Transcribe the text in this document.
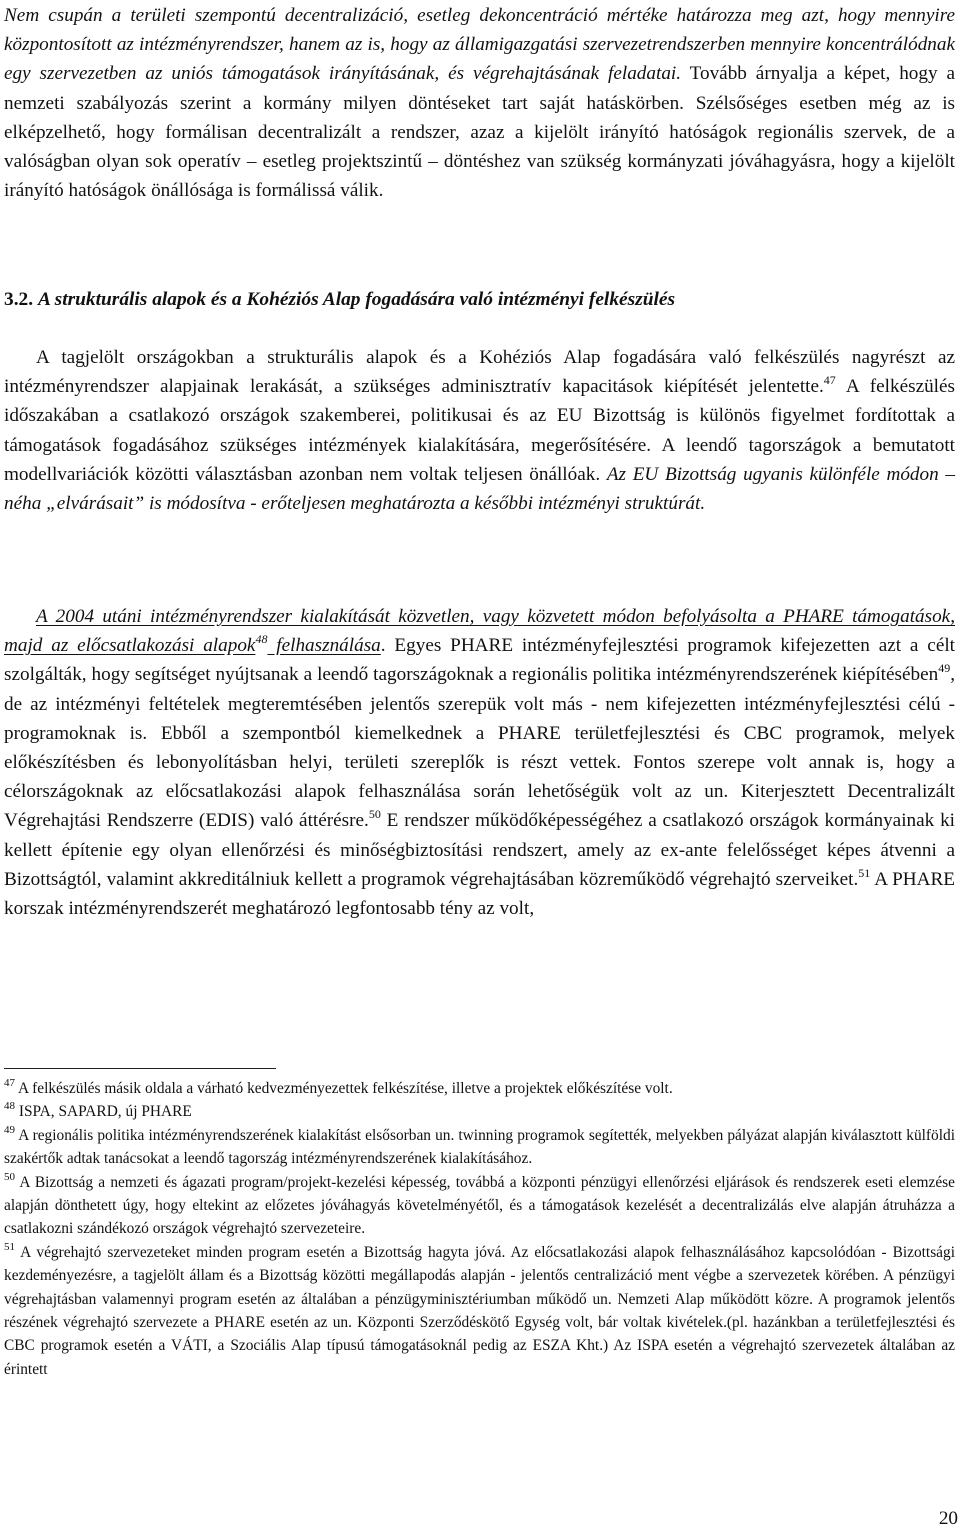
Nem csupán a területi szempontú decentralizáció, esetleg dekoncentráció mértéke határozza meg azt, hogy mennyire központosított az intézményrendszer, hanem az is, hogy az államigazgatási szervezetrendszerben mennyire koncentrálódnak egy szervezetben az uniós támogatások irányításának, és végrehajtásának feladatai. Tovább árnyalja a képet, hogy a nemzeti szabályozás szerint a kormány milyen döntéseket tart saját hatáskörben. Szélsőséges esetben még az is elképzelhető, hogy formálisan decentralizált a rendszer, azaz a kijelölt irányító hatóságok regionális szervek, de a valóságban olyan sok operatív – esetleg projektszintű – döntéshez van szükség kormányzati jóváhagyásra, hogy a kijelölt irányító hatóságok önállósága is formálissá válik.

3.2. A strukturális alapok és a Kohéziós Alap fogadására való intézményi felkészülés

A tagjelölt országokban a strukturális alapok és a Kohéziós Alap fogadására való felkészülés nagyrészt az intézményrendszer alapjainak lerakását, a szükséges adminisztratív kapacitások kiépítését jelentette.$^{47}$ A felkészülés időszakában a csatlakozó országok szakemberei, politikusai és az EU Bizottság is különös figyelmet fordítottak a támogatások fogadásához szükséges intézmények kialakítására, megerősítésére. A leendő tagországok a bemutatott modellvariációk közötti választásban azonban nem voltak teljesen önállóak. Az EU Bizottság ugyanis különféle módon – néha „elvárásait” is módosítva - erőteljesen meghatározta a későbbi intézményi struktúrát.

A 2004 utáni intézményrendszer kialakítását közvetlen, vagy közvetett módon befolyásolta a PHARE támogatások, majd az előcsatlakozási alapok$^{48}$ felhasználása. Egyes PHARE intézményfejlesztési programok kifejezetten azt a célt szolgálták, hogy segítséget nyújtsanak a leendő tagországoknak a regionális politika intézményrendszerének kiépítésében$^{49}$, de az intézményi feltételek megteremtésében jelentős szerepük volt más - nem kifejezetten intézményfejlesztési célú - programoknak is. Ebből a szempontból kiemelkednek a PHARE területfejlesztési és CBC programok, melyek előkészítésben és lebonyolításban helyi, területi szereplők is részt vettek. Fontos szerepe volt annak is, hogy a célországoknak az előcsatlakozási alapok felhasználása során lehetőségük volt az un. Kiterjesztett Decentralizált Végrehajtási Rendszerre (EDIS) való áttérésre.$^{50}$ E rendszer működőképességéhez a csatlakozó országok kormányainak ki kellett építenie egy olyan ellenőrzési és minőségbiztosítási rendszert, amely az ex-ante felelősséget képes átvenni a Bizottságtól, valamint akkreditálniuk kellett a programok végrehajtásában közreműködő végrehajtó szerveiket.$^{51}$ A PHARE korszak intézményrendszerét meghatározó legfontosabb tény az volt,

$^{47}$ A felkészülés másik oldala a várható kedvezményezettek felkészítése, illetve a projektek előkészítése volt.

$^{48}$ ISPA, SAPARD, új PHARE

$^{49}$ A regionális politika intézményrendszerének kialakítást elsősorban un. twinning programok segítették, melyekben pályázat alapján kiválasztott külföldi szakértők adtak tanácsokat a leendő tagország intézményrendszerének kialakításához.

$^{50}$ A Bizottság a nemzeti és ágazati program/projekt-kezelési képesség, továbbá a központi pénzügyi ellenőrzési eljárások és rendszerek eseti elemzése alapján dönthetett úgy, hogy eltekint az előzetes jóváhagyás követelményétől, és a támogatások kezelését a decentralizálás elve alapján átruházza a csatlakozni szándékozó országok végrehajtó szervezeteire.

$^{51}$ A végrehajtó szervezeteket minden program esetén a Bizottság hagyta jóvá. Az előcsatlakozási alapok felhasználásához kapcsolódóan - Bizottsági kezdeményezésre, a tagjelölt állam és a Bizottság közötti megállapodás alapján - jelentős centralizáció ment végbe a szervezetek körében. A pénzügyi végrehajtásban valamennyi program esetén az általában a pénzügyminisztériumban működő un. Nemzeti Alap működött közre. A programok jelentős részének végrehajtó szervezete a PHARE esetén az un. Központi Szerződéskötő Egység volt, bár voltak kivételek.(pl. hazánkban a területfejlesztési és CBC programok esetén a VÁTI, a Szociális Alap típusú támogatásoknál pedig az ESZA Kht.) Az ISPA esetén a végrehajtó szervezetek általában az érintett

20
